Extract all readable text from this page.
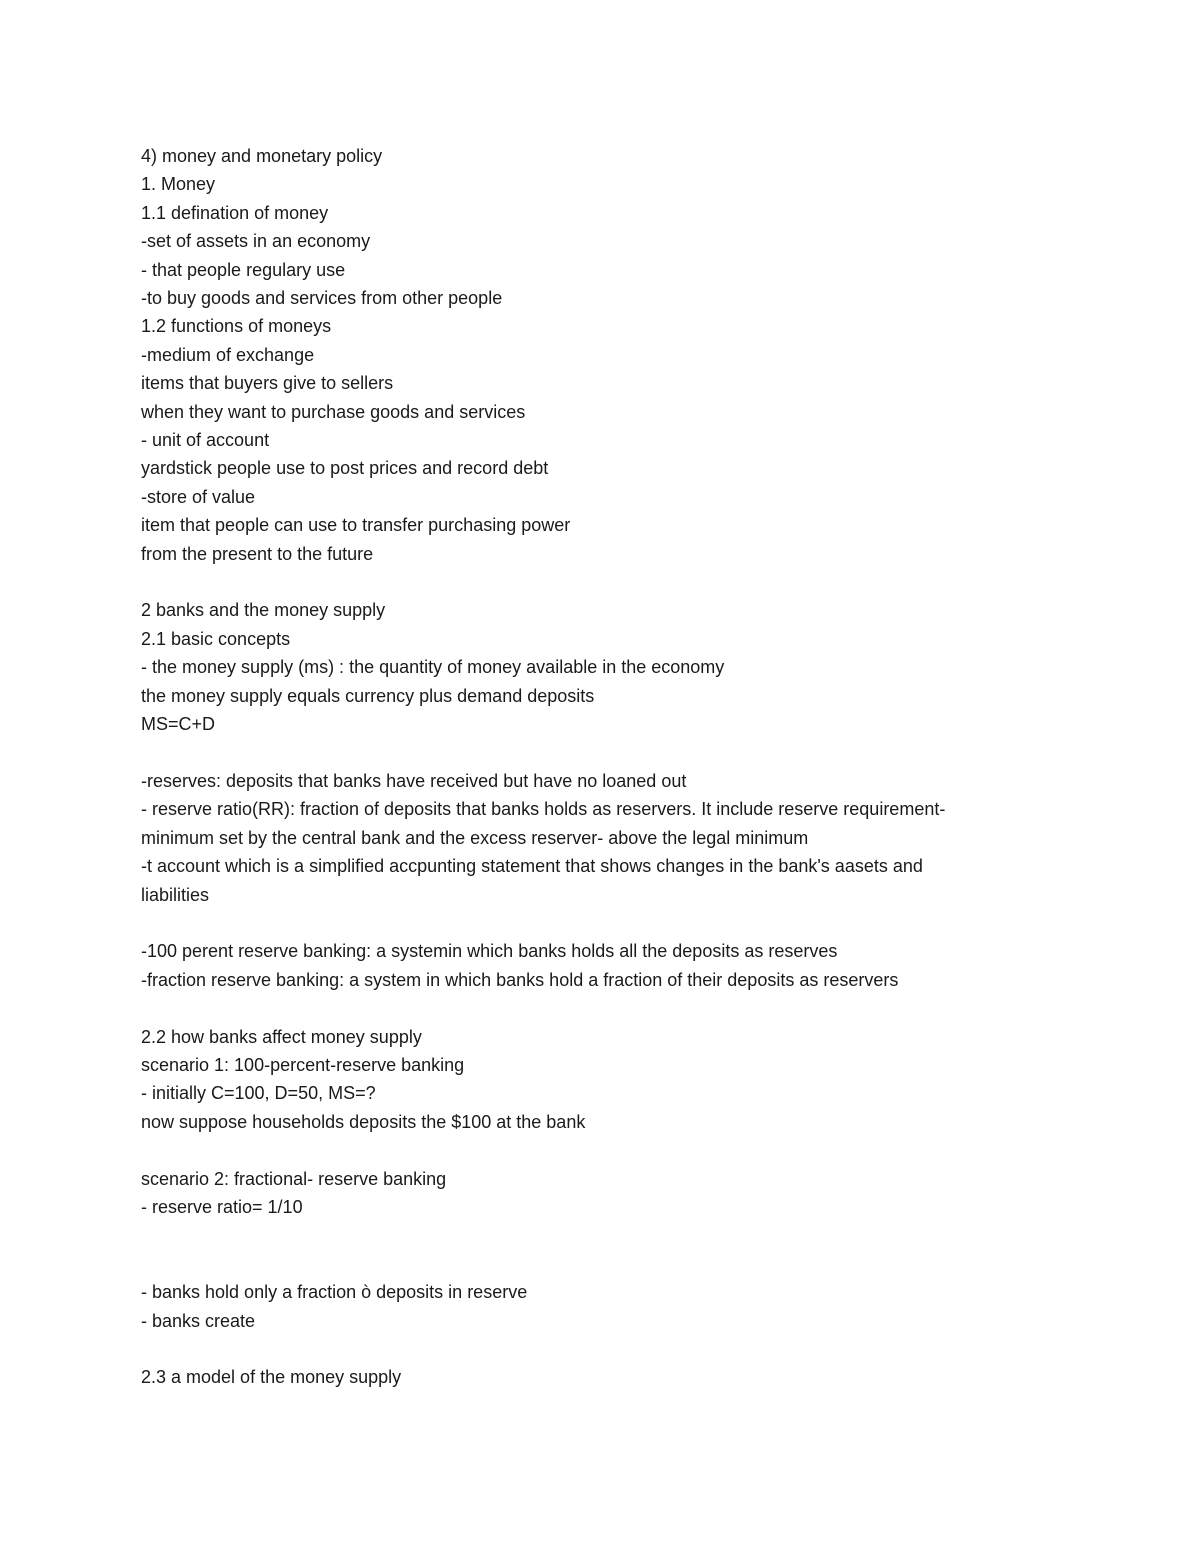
4) money and monetary policy

1. Money

1.1 defination of money

-set of assets in an economy

- that people regulary use

-to buy goods and services from other people

1.2 functions of moneys

-medium of exchange

items that buyers give to sellers

when they want to purchase goods and services

- unit of account

yardstick people use to post prices and record debt

-store of value

item that people can use to transfer purchasing power

from the present to the future

2 banks and the money supply

2.1 basic concepts

- the money supply (ms) : the quantity of money available in the economy

the money supply equals currency plus demand deposits

MS=C+D

-reserves: deposits that banks have received but have no loaned out

- reserve ratio(RR): fraction of deposits that banks holds as reservers. It include reserve requirement-

minimum set by the central bank and the excess reserver- above the legal minimum

-t account which is a simplified accpunting statement that shows changes in the bank's aasets and

liabilities

-100 perent reserve banking: a systemin which banks holds all the deposits as reserves

-fraction reserve banking: a system in which banks hold a fraction of their deposits as reservers

2.2 how banks affect money supply

scenario 1: 100-percent-reserve banking

- initially C=100, D=50, MS=?

now suppose households deposits the $100 at the bank

scenario 2: fractional- reserve banking

- reserve ratio= 1/10

- banks hold only a fraction ò deposits in reserve

- banks create

2.3 a model of the money supply
